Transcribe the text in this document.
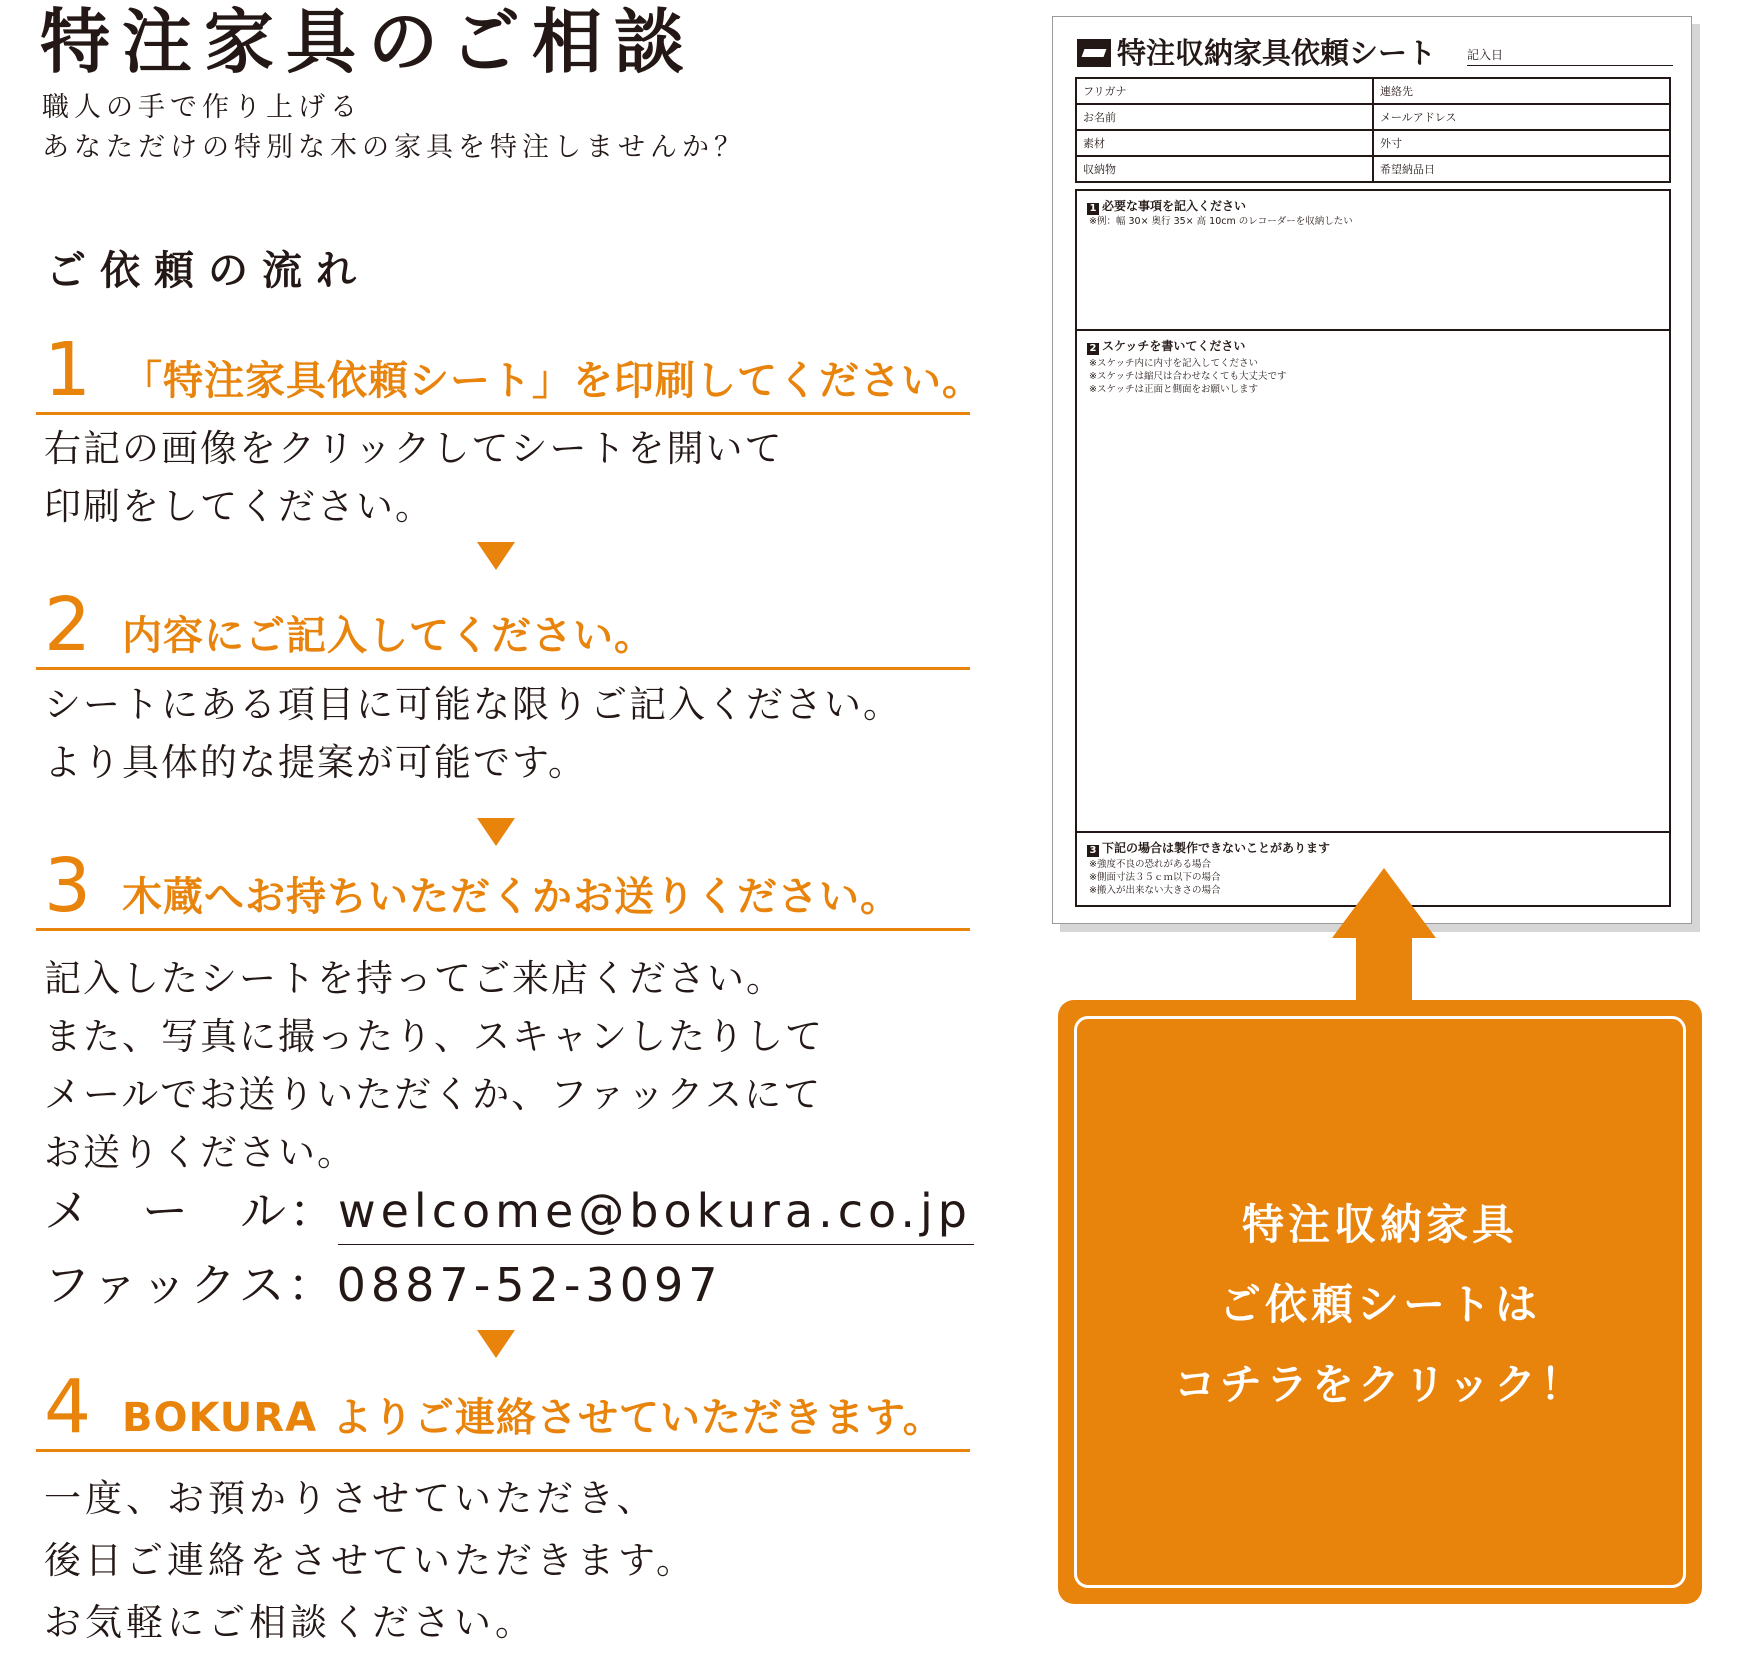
特注家具のご相談
職人の手で作り上げる
あなただけの特別な木の家具を特注しませんか？
ご依頼の流れ
1 「特注家具依頼シート」を印刷してください。
右記の画像をクリックしてシートを開いて
印刷をしてください。
2 内容にご記入してください。
シートにある項目に可能な限りご記入ください。
より具体的な提案が可能です。
3 木蔵へお持ちいただくかお送りください。
記入したシートを持ってご来店ください。
また、写真に撮ったり、スキャンしたりして
メールでお送りいただくか、ファックスにて
お送りください。
メ　ー　ル：welcome@bokura.co.jp
ファックス：0887-52-3097
4 BOKURA よりご連絡させていただきます。
一度、お預かりさせていただき、
後日ご連絡をさせていただきます。
お気軽にご相談ください。
特注収納家具依頼シート	記入日
フリガナ	連絡先
お名前	メールアドレス
素材	外寸
収納物	希望納品日
1 必要な事項を記入ください
※例：幅 30× 奥行 35× 高 10cm のレコーダーを収納したい
2 スケッチを書いてください
※スケッチ内に内寸を記入してください
※スケッチは縮尺は合わせなくても大丈夫です
※スケッチは正面と側面をお願いします
3 下記の場合は製作できないことがあります
※強度不良の恐れがある場合
※側面寸法３５ｃｍ以下の場合
※搬入が出来ない大きさの場合
特注収納家具
ご依頼シートは
コチラをクリック！
